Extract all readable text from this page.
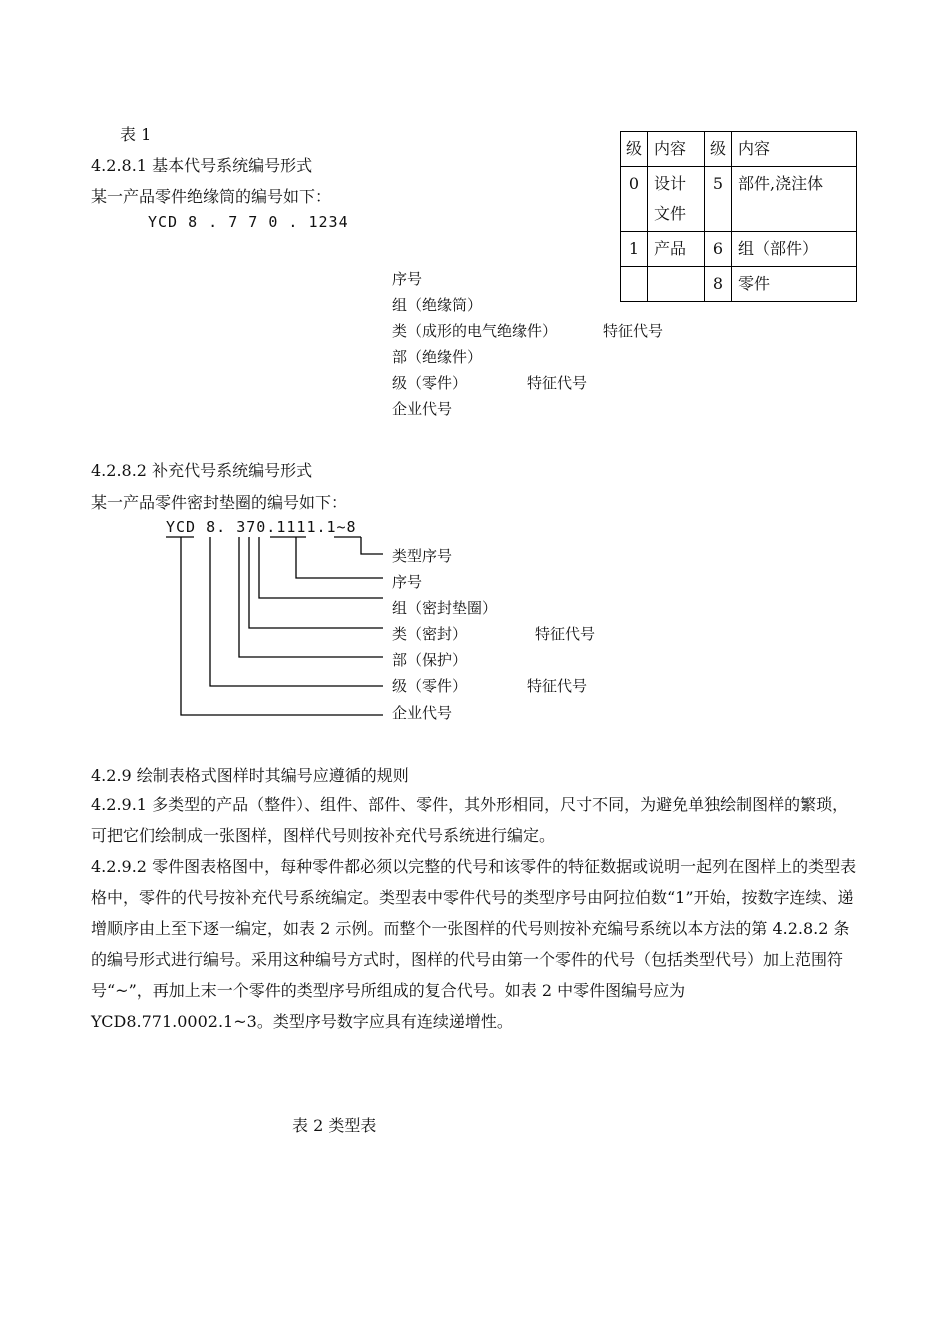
表 1
4.2.8.1 基本代号系统编号形式
某一产品零件绝缘筒的编号如下：
YCD 8 . 7 7 0 . 1234
级	内容	级	内容
0	设计文件	5	部件,浇注体
1	产品	6	组（部件）
		8	零件
序号
组（绝缘筒）
类（成形的电气绝缘件）	特征代号
部（绝缘件）
级（零件）	特征代号
企业代号
4.2.8.2 补充代号系统编号形式
某一产品零件密封垫圈的编号如下：
YCD 8. 370.1111.1~8
类型序号
序号
组（密封垫圈）
类（密封）	特征代号
部（保护）
级（零件）	特征代号
企业代号
4.2.9 绘制表格式图样时其编号应遵循的规则
4.2.9.1 多类型的产品（整件）、组件、部件、零件，其外形相同，尺寸不同，为避免单独绘制图样的繁琐，可把它们绘制成一张图样，图样代号则按补充代号系统进行编定。
4.2.9.2 零件图表格图中，每种零件都必须以完整的代号和该零件的特征数据或说明一起列在图样上的类型表格中，零件的代号按补充代号系统编定。类型表中零件代号的类型序号由阿拉伯数“1”开始，按数字连续、递增顺序由上至下逐一编定，如表 2 示例。而整个一张图样的代号则按补充编号系统以本方法的第 4.2.8.2 条的编号形式进行编号。采用这种编号方式时，图样的代号由第一个零件的代号（包括类型代号）加上范围符号“~”，再加上末一个零件的类型序号所组成的复合代号。如表 2 中零件图编号应为 YCD8.771.0002.1~3。类型序号数字应具有连续递增性。
表 2 类型表
